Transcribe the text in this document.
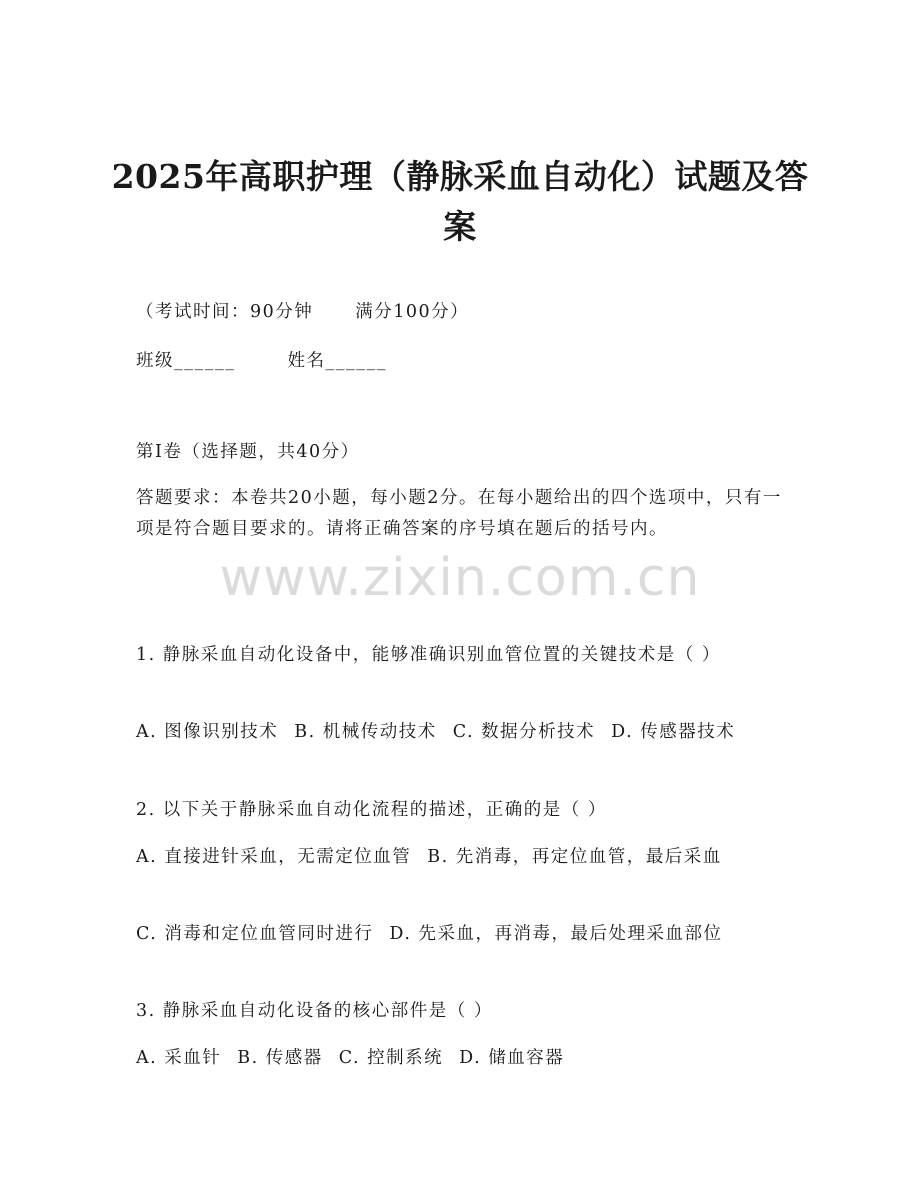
2025年高职护理（静脉采血自动化）试题及答案
（考试时间：90分钟 满分100分）
班级______	姓名______
第I卷（选择题，共40分）
答题要求：本卷共20小题，每小题2分。在每小题给出的四个选项中，只有一项是符合题目要求的。请将正确答案的序号填在题后的括号内。
www.zixin.com.cn
1. 静脉采血自动化设备中，能够准确识别血管位置的关键技术是（ ）
A. 图像识别技术 B. 机械传动技术 C. 数据分析技术 D. 传感器技术
2. 以下关于静脉采血自动化流程的描述，正确的是（ ）
A. 直接进针采血，无需定位血管 B. 先消毒，再定位血管，最后采血
C. 消毒和定位血管同时进行 D. 先采血，再消毒，最后处理采血部位
3. 静脉采血自动化设备的核心部件是（ ）
A. 采血针 B. 传感器 C. 控制系统 D. 储血容器
